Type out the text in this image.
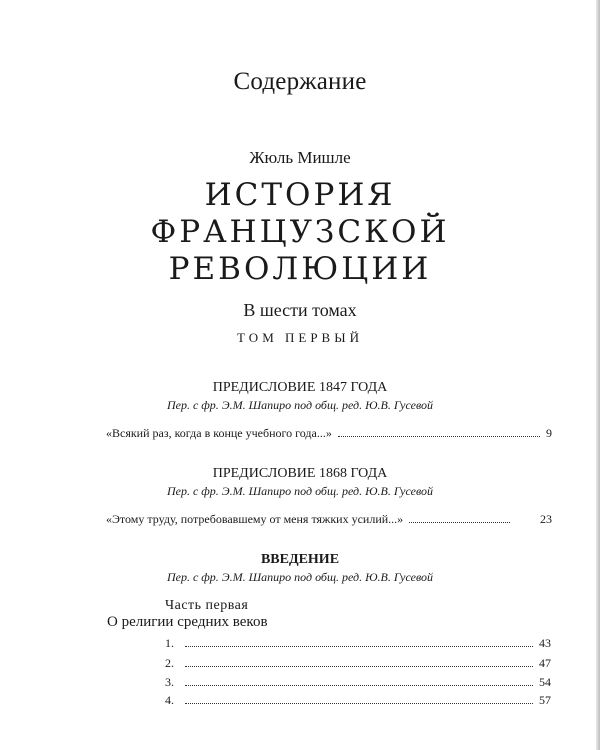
Содержание
Жюль Мишле
ИСТОРИЯ
ФРАНЦУЗСКОЙ
РЕВОЛЮЦИИ
В шести томах
ТОМ ПЕРВЫЙ
ПРЕДИСЛОВИЕ 1847 ГОДА
Пер. с фр. Э.М. Шапиро под общ. ред. Ю.В. Гусевой
«Всякий раз, когда в конце учебного года...»	9
ПРЕДИСЛОВИЕ 1868 ГОДА
Пер. с фр. Э.М. Шапиро под общ. ред. Ю.В. Гусевой
«Этому труду, потребовавшему от меня тяжких усилий...»	23
ВВЕДЕНИЕ
Пер. с фр. Э.М. Шапиро под общ. ред. Ю.В. Гусевой
Часть первая
О религии средних веков
1.	43
2.	47
3.	54
4.	57
